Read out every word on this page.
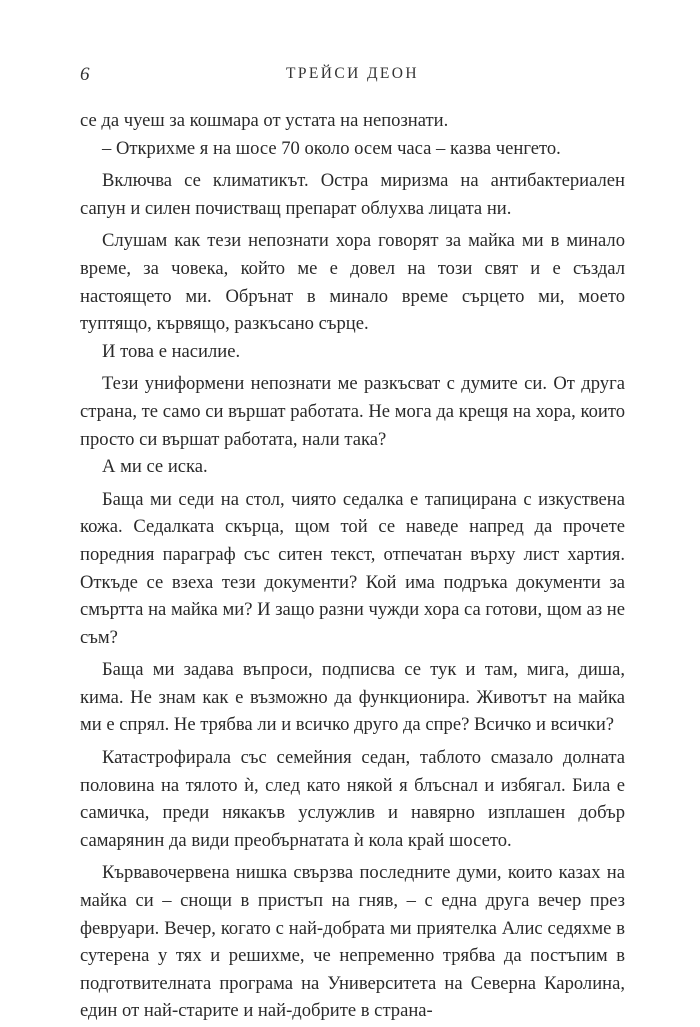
6	ТРЕЙСИ ДЕОН

се да чуеш за кошмара от устата на непознати.

– Открихме я на шосе 70 около осем часа – казва ченгето.

Включва се климатикът. Остра миризма на антибактериален сапун и силен почистващ препарат облухва лицата ни.

Слушам как тези непознати хора говорят за майка ми в минало време, за човека, който ме е довел на този свят и е създал настоящето ми. Обрънат в минало време сърцето ми, моето туптящо, кървящо, разкъсано сърце.

И това е насилие.

Тези униформени непознати ме разкъсват с думите си. От друга страна, те само си вършат работата. Не мога да крещя на хора, които просто си вършат работата, нали така?

А ми се иска.

Баща ми седи на стол, чиято седалка е тапицирана с изкуствена кожа. Седалката скърца, щом той се наведе напред да прочете поредния параграф със ситен текст, отпечатан върху лист хартия. Откъде се взеха тези документи? Кой има подръка документи за смъртта на майка ми? И защо разни чужди хора са готови, щом аз не съм?

Баща ми задава въпроси, подписва се тук и там, мига, диша, кима. Не знам как е възможно да функционира. Животът на майка ми е спрял. Не трябва ли и всичко друго да спре? Всичко и всички?

Катастрофирала със семейния седан, таблото смазало долната половина на тялото ѝ, след като някой я блъснал и избягал. Била е самичка, преди някакъв услужлив и навярно изплашен добър самарянин да види преобърнатата ѝ кола край шосето.

Кървавочервена нишка свързва последните думи, които казах на майка си – снощи в пристъп на гняв, – с една друга вечер през февруари. Вечер, когато с най-добрата ми приятелка Алис седяхме в сутерена у тях и решихме, че непременно трябва да постъпим в подготвителната програма на Университета на Северна Каролина, един от най-старите и най-добрите в страна-
